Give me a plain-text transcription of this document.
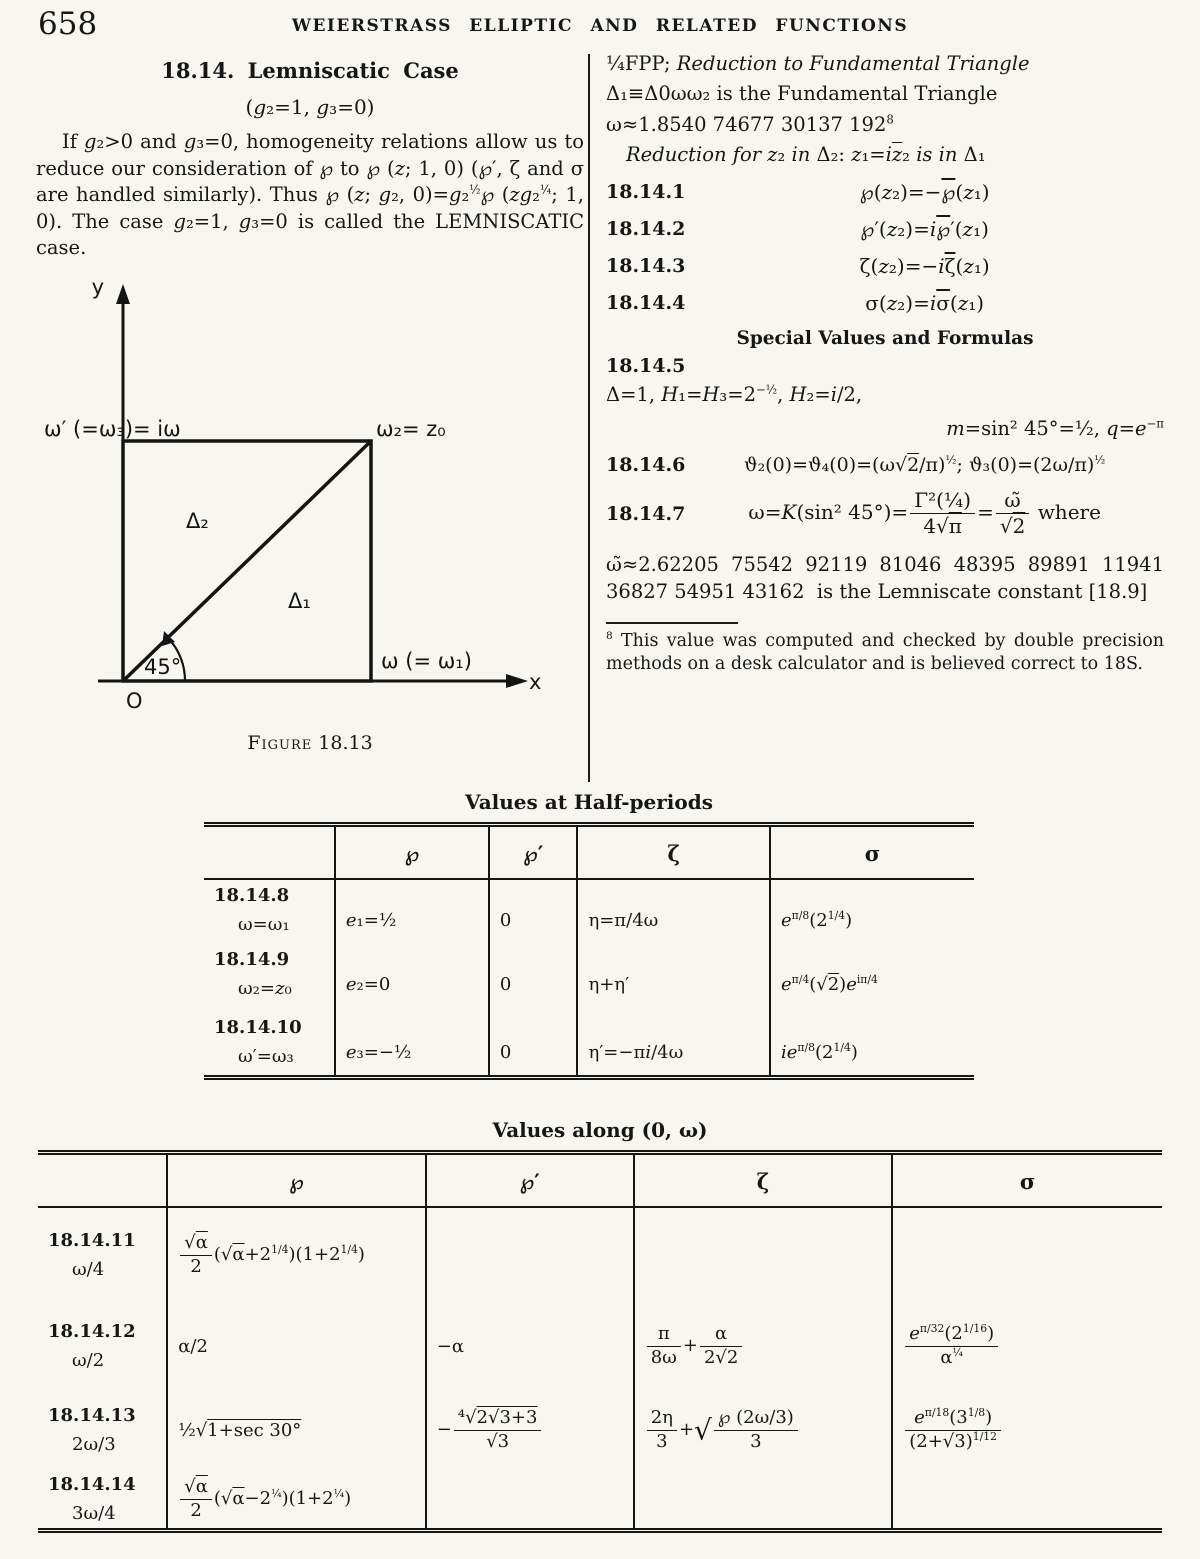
658	WEIERSTRASS ELLIPTIC AND RELATED FUNCTIONS
18.14. Lemniscatic Case
(g₂=1, g₃=0)

If g₂>0 and g₃=0, homogeneity relations allow us to reduce our consideration of ℘ to ℘ (z; 1, 0) (℘′, ζ and σ are handled similarly). Thus ℘ (z; g₂, 0)=g₂$^{\frac{1}{2}}$℘ (zg₂$^{\frac{1}{4}}$; 1, 0). The case g₂=1, g₃=0 is called the LEMNISCATIC case.

y
x
ω′ (=ω₃)= iω	ω₂= z₀
Δ₂
Δ₁
45°
O
ω (= ω₁)
Figure 18.13
¼FPP; Reduction to Fundamental Triangle
Δ₁≡Δ0ωω₂ is the Fundamental Triangle
ω≈1.8540 74677 30137 $192^8$
Reduction for z₂ in Δ₂: $z_1=i\overline{z}_2$ is in Δ₁
18.14.1	℘(z₂)=−℘(z₁)
18.14.2	℘′(z₂)=i℘′(z₁)
18.14.3	$\zeta(z_2)=-i\overline{\zeta}(z_1)$
18.14.4	$\sigma(z_2)=i\overline{\sigma}(z_1)$
Special Values and Formulas
18.14.5
Δ=1, $H_1=H_3=2^{-\frac{1}{2}}$, H₂=i/2,
m=sin² 45°=½, $q=e^{-\pi}$
18.14.6	$ϑ_2(0)=ϑ_4(0)=(\omega√2/\pi)^{\frac{1}{2}}$; $ϑ_3(0)=(2\omega/\pi)^{\frac{1}{2}}$
18.14.7	ω=K(sin² $45^\circ)= \frac{\text{Γ²(¼)}}{4√\pi} = \frac{\omegã}{√2}$ where

ω̃≈2.62205 75542 92119 81046 48395 89891 11941 36827 54951 43162  is the Lemniscate constant [18.9]

$^8$ This value was computed and checked by double precision methods on a desk calculator and is believed correct to 18S.

Values at Half-periods
	℘	℘′	ζ	σ

18.14.8
ω=ω₁	e₁=½	0	η=π/4ω	$e^{\pi/8}(2^{1/4})$

18.14.9
ω₂=z₀	e₂=0	0	η+η′	$e^{\pi/4}(√2)e^{i\pi/4}$

18.14.10
ω′=ω₃	e₃=−½	0	η′=−πi/4ω	$ie^{\pi/8}(2^{1/4})$
Values along (0, ω)
	℘	℘′	ζ	σ

18.14.11
ω/4	$\frac{√\alpha}{2} (√\alpha+2^{1/4})(1+2^{1/4})$			

18.14.12
ω/2
	α/2	−α	$\frac{\pi}{8\omega} + \frac{\alpha}{2√2}$	$\frac{e^{\pi/32}(2^{1/16})}{\alpha^{\frac{1}{4}}}$

18.14.13
2ω/3
	½√1+sec 30°	− $\frac{\text{⁴√2√3+3}}{√3}$	$\frac{2\eta}{3}$ +√ $\frac{℘ (2\omega/3)}{3}$	$\frac{e^{\pi/18}(3^{1/8})}{(2+√3)^{1/12}}$

18.14.14
3ω/4	$\frac{√\alpha}{2} (√\alpha-2^{\frac{1}{4}})(1+2^{\frac{1}{4}})$			
